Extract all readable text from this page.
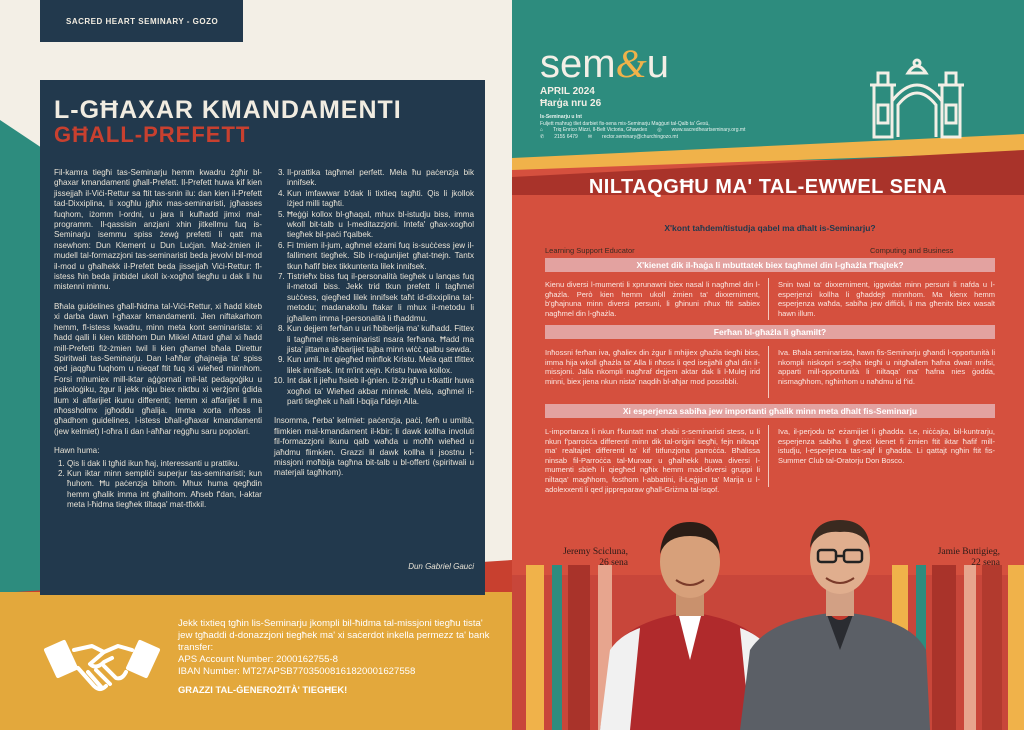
SACRED HEART SEMINARY - GOZO
L-GĦAXAR KMANDAMENTI
GĦALL-PREFETT

Fil-kamra tiegħi tas-Seminarju hemm kwadru żgħir bl-għaxar kmandamenti għall-Prefett. Il-Prefett huwa kif kien jissejjaħ il-Viċi-Rettur sa ftit tas-snin ilu: dan kien il-Prefett tad-Dixxiplina, li xogħlu jgħix mas-seminaristi, jgħasses fuqhom, iżomm l-ordni, u jara li kulħadd jimxi mal-programm. Il-qassisin anzjani xhin jitkellmu fuq is-Seminarju isemmu spiss żewġ prefetti li qatt ma nsewhom: Dun Klement u Dun Luċjan. Maż-żmien il-mudell tal-formazzjoni tas-seminaristi beda jevolvi bil-mod il-mod u għalhekk il-Prefett beda jissejjaħ Viċi-Rettur: fl-istess ħin beda jinbidel ukoll ix-xogħol tiegħu u dak li hu mistenni minnu.

Bħala guidelines għall-ħidma tal-Viċi-Rettur, xi ħadd kiteb xi darba dawn l-għaxar kmandamenti. Jien niftakarhom hemm, fl-istess kwadru, minn meta kont seminarista: xi ħadd qalli li kien kitibhom Dun Mikiel Attard għal xi ħadd mill-Prefetti fiż-żmien twil li kien għamel bħala Direttur Spiritwali tas-Seminarju. Dan l-aħħar għajnejja ta' spiss qed jaqgħu fuqhom u nieqaf ftit fuq xi wieħed minnhom. Forsi mhumiex mill-iktar aġġornati mil-lat pedagoġiku u psikoloġiku, żgur li jekk niġu biex niktbu xi verżjoni ġdida llum xi affarijiet ikunu differenti; hemm xi affarijiet li ma nħossholmx jgħoddu għalija. Imma xorta nħoss li għadhom guidelines, l-istess bħall-għaxar kmandamenti (jew kelmiet) l-oħra li dan l-aħħar reġgħu saru popolari.

Hawn huma:

1. Qis li dak li tgħid ikun ħaj, interessanti u prattiku.
2. Kun iktar minn sempliċi superjur tas-seminaristi; kun ħuhom. Ħu paċenzja bihom. Mhux huma qegħdin hemm għalik imma int għalihom. Aħseb f'dan, l-aktar meta l-ħidma tiegħek tiltaqa' mat-tfixkil.
3. Il-prattika tagħmel perfett. Mela ħu paċenzja bik innifsek.
4. Kun imfawwar b'dak li tixtieq tagħti. Qis li jkollok iżjed milli tagħti.
5. Ħeġġi kollox bl-għaqal, mhux bl-istudju biss, imma wkoll bit-talb u l-meditazzjoni. Intefa' għax-xogħol tiegħek bil-paċi f'qalbek.
6. Fi tmiem il-jum, agħmel eżami fuq is-suċċess jew il-falliment tiegħek. Sib ir-raġunijiet għat-tnejn. Tantx tkun ħafif biex tikkuntenta lilek innifsek.
7. Tistrieħx biss fuq il-personalità tiegħek u lanqas fuq il-metodi biss. Jekk trid tkun prefett li tagħmel suċċess, qiegħed lilek innifsek taħt id-dixxiplina tal-metodu; madanakollu ftakar li mhux il-metodu li jgħallem imma l-personalità li tħaddmu.
8. Kun dejjem ferħan u uri ħbiberija ma' kulħadd. Fittex li tagħmel mis-seminaristi nsara ferħana. Ħadd ma jista' jittama aħbarijiet tajba minn wiċċ qalbu sewda.
9. Kun umli. Int qiegħed minflok Kristu. Mela qatt tfittex lilek innifsek. Int m'int xejn. Kristu huwa kollox.
10. Int dak li jieħu ħsieb il-ġnien. Iż-żrigħ u t-tkattir huwa xogħol ta' Wieħed akbar minnek. Mela, agħmel il-parti tiegħek u ħalli l-bqija f'idejn Alla.

Insomma, f'erba' kelmiet: paċenzja, paċi, ferħ u umiltà, flimkien mal-kmandament il-kbir; li dawk kollha involuti fil-formazzjoni ikunu qalb waħda u moħħ wieħed u jaħdmu flimkien. Grazzi lil dawk kollha li jsostnu l-missjoni moħbija tagħna bit-talb u bl-offerti (spiritwali u materjali tagħhom).

Dun Gabriel Gauci
Jekk tixtieq tgħin lis-Seminarju jkompli bil-ħidma tal-missjoni tiegħu tista' jew tgħaddi d-donazzjoni tiegħek ma' xi saċerdot inkella permezz ta' bank transfer:
APS Account Number: 2000162755-8
IBAN Number: MT27APSB77035008161820001627558
GRAZZI TAL-ĠENEROŻITÀ' TIEGĦEK!
sem&u
APRIL 2024
Ħarġa nru 26
Is-Seminarju u Int
Fuljett maħruġ tliet darbiet fis-sena mis-Seminarju Maġġuri tal-Qalb ta' Ġesù,
⌂ Triq Enrico Mizzi, Il-Belt Victoria, Għawdex ◎ www.sacredheartseminary.org.mt
✆ 2155 6479 ✉ rector.seminary@churchingozo.mt
NILTAQGĦU MA' TAL-EWWEL SENA
X'kont taħdem/tistudja qabel ma dħalt is-Seminarju?
Learning Support Educator	Computing and Business
X'kienet dik il-ħaġa li mbuttatek biex tagħmel din l-għażla f'ħajtek?
Kienu diversi l-mumenti li xprunawni biex nasal li nagħmel din l-għażla. Però kien hemm ukoll żmien ta' dixxerniment, b'għajnuna minn diversi persuni, li għinuni nħux ftit sabiex nagħmel din l-għażla.
Snin twal ta' dixxerniment, iggwidat minn persuni li nafda u l-esperjenzi kollha li għaddejt minnhom. Ma kienx hemm esperjenza waħda, sabiħa jew diffiċli, li ma għenitx biex wasalt hawn illum.
Ferħan bl-għażla li għamilt?
Inħossni ferħan iva, għaliex din żgur li mhijiex għażla tiegħi biss, imma hija wkoll għażla ta' Alla li nħoss li qed isejjaħli għal din il-missjoni. Jalla nkompli nagħraf dejjem aktar dak li l-Mulej irid minni, biex jiena nkun nista' naqdih bl-aħjar mod possibbli.
Iva. Bħala seminarista, hawn fis-Seminarju għandi l-opportunità li nkompli niskopri s-sejħa tiegħi u nitgħallem ħafna dwari nnifsi, apparti mill-opportunità li niltaqa' ma' ħafna nies ġodda, nismagħhom, ngħinhom u naħdmu id f'id.
Xi esperjenza sabiħa jew importanti għalik minn meta dħalt fis-Seminarju
L-importanza li nkun f'kuntatt ma' shabi s-seminaristi stess, u li nkun f'parroċċa differenti minn dik tal-oriġini tiegħi, fejn niltaqa' ma' realtajiet differenti ta' kif titfunzjona parroċċa. Bħalissa ninsab fil-Parroċċa tal-Munxar u għalhekk huwa diversi l-mumenti sbieħ li qiegħed ngħix hemm mad-diversi gruppi li niltaqa' magħhom, fosthom l-abbatini, il-Leġjun ta' Marija u l-adolexxenti li qed jippreparaw għall-Griżma tal-Isqof.
Iva, il-perjodu ta' eżamijiet li għadda. Le, niċċajta, bil-kuntrarju, esperjenza sabiħa li għext kienet fi żmien ftit iktar ħafif mill-istudju, l-esperjenza tas-sajf li għadda. Li qattajt ngħin ftit fis-Summer Club tal-Oratorju Don Bosco.
Jeremy Scicluna,
26 sena
Jamie Buttigieg,
22 sena
